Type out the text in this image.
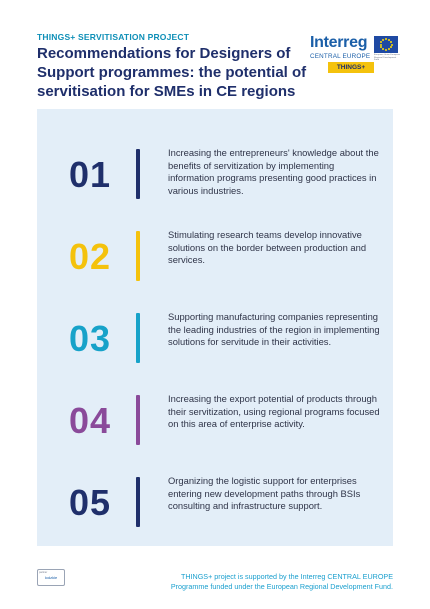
THINGS+ SERVITISATION PROJECT
Recommendations for Designers of Support programmes: the potential of servitisation for SMEs in CE regions
Interreg
European Union European Regional Development Fund
CENTRAL EUROPE
THINGS+
01
Increasing the entrepreneurs' knowledge about the benefits of servitization by implementing information programs presenting good practices in various industries.
02
Stimulating research teams develop innovative solutions on the border between production and services.
03
Supporting manufacturing companies representing the leading industries of the region in implementing solutions for servitude in their activities.
04
Increasing the export potential of products through their servitization, using regional programs focused on this area of enterprise activity.
05
Organizing the logistic support for enterprises entering new development paths through BSIs consulting and infrastructure support.
lodzkie
partner	THINGS+ project is supported by the Interreg CENTRAL EUROPE Programme funded under the European Regional Development Fund.
